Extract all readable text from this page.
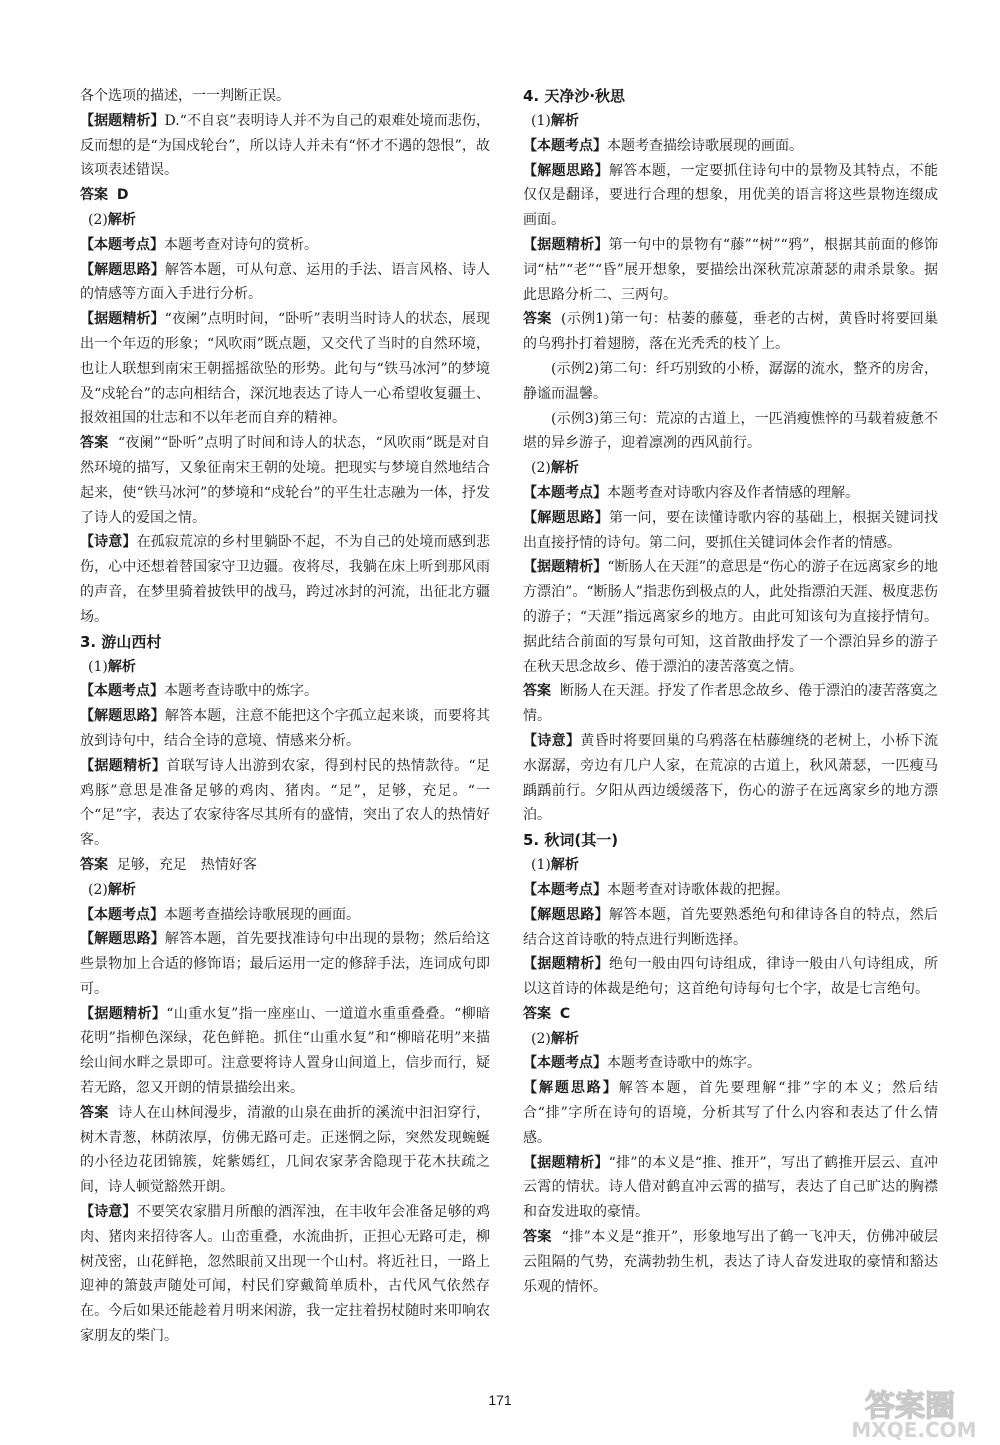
各个选项的描述，一一判断正误。

【据题精析】D.“不自哀”表明诗人并不为自己的艰难处境而悲伤，反而想的是“为国戍轮台”，所以诗人并未有“怀才不遇的怨恨”，故该项表述错误。

答案 D

(2)解析

【本题考点】本题考查对诗句的赏析。

【解题思路】解答本题，可从句意、运用的手法、语言风格、诗人的情感等方面入手进行分析。

【据题精析】“夜阑”点明时间，“卧听”表明当时诗人的状态，展现出一个年迈的形象；“风吹雨”既点题，又交代了当时的自然环境，也让人联想到南宋王朝摇摇欲坠的形势。此句与“铁马冰河”的梦境及“戍轮台”的志向相结合，深沉地表达了诗人一心希望收复疆土、报效祖国的壮志和不以年老而自弃的精神。

答案 “夜阑”“卧听”点明了时间和诗人的状态，“风吹雨”既是对自然环境的描写，又象征南宋王朝的处境。把现实与梦境自然地结合起来，使“铁马冰河”的梦境和“戍轮台”的平生壮志融为一体，抒发了诗人的爱国之情。

【诗意】在孤寂荒凉的乡村里躺卧不起，不为自己的处境而感到悲伤，心中还想着替国家守卫边疆。夜将尽，我躺在床上听到那风雨的声音，在梦里骑着披铁甲的战马，跨过冰封的河流，出征北方疆场。

3. 游山西村

(1)解析

【本题考点】本题考查诗歌中的炼字。

【解题思路】解答本题，注意不能把这个字孤立起来谈，而要将其放到诗句中，结合全诗的意境、情感来分析。

【据题精析】首联写诗人出游到农家，得到村民的热情款待。“足鸡豚”意思是准备足够的鸡肉、猪肉。“足”，足够，充足。“一个“足”字，表达了农家待客尽其所有的盛情，突出了农人的热情好客。

答案 足够，充足　热情好客

(2)解析

【本题考点】本题考查描绘诗歌展现的画面。

【解题思路】解答本题，首先要找准诗句中出现的景物；然后给这些景物加上合适的修饰语；最后运用一定的修辞手法，连词成句即可。

【据题精析】“山重水复”指一座座山、一道道水重重叠叠。“柳暗花明”指柳色深绿，花色鲜艳。抓住“山重水复”和“柳暗花明”来描绘山间水畔之景即可。注意要将诗人置身山间道上，信步而行，疑若无路，忽又开朗的情景描绘出来。

答案 诗人在山林间漫步，清澈的山泉在曲折的溪流中汩汩穿行，树木青葱，林荫浓厚，仿佛无路可走。正迷惘之际，突然发现蜿蜒的小径边花团锦簇，姹紫嫣红，几间农家茅舍隐现于花木扶疏之间，诗人顿觉豁然开朗。

【诗意】不要笑农家腊月所酿的酒浑浊，在丰收年会准备足够的鸡肉、猪肉来招待客人。山峦重叠，水流曲折，正担心无路可走，柳树茂密，山花鲜艳，忽然眼前又出现一个山村。将近社日，一路上迎神的箫鼓声随处可闻，村民们穿戴简单质朴，古代风气依然存在。今后如果还能趁着月明来闲游，我一定拄着拐杖随时来叩响农家朋友的柴门。

4. 天净沙·秋思

(1)解析

【本题考点】本题考查描绘诗歌展现的画面。

【解题思路】解答本题，一定要抓住诗句中的景物及其特点，不能仅仅是翻译，要进行合理的想象，用优美的语言将这些景物连缀成画面。

【据题精析】第一句中的景物有“藤”“树”“鸦”，根据其前面的修饰词“枯”“老”“昏”展开想象，要描绘出深秋荒凉萧瑟的肃杀景象。据此思路分析二、三两句。

答案 (示例1)第一句：枯萎的藤蔓，垂老的古树，黄昏时将要回巢的乌鸦扑打着翅膀，落在光秃秃的枝丫上。

(示例2)第二句：纤巧别致的小桥，潺潺的流水，整齐的房舍，静谧而温馨。

(示例3)第三句：荒凉的古道上，一匹消瘦憔悴的马载着疲惫不堪的异乡游子，迎着凛冽的西风前行。

(2)解析

【本题考点】本题考查对诗歌内容及作者情感的理解。

【解题思路】第一问，要在读懂诗歌内容的基础上，根据关键词找出直接抒情的诗句。第二问，要抓住关键词体会作者的情感。

【据题精析】“断肠人在天涯”的意思是“伤心的游子在远离家乡的地方漂泊”。“断肠人”指悲伤到极点的人，此处指漂泊天涯、极度悲伤的游子；“天涯”指远离家乡的地方。由此可知该句为直接抒情句。据此结合前面的写景句可知，这首散曲抒发了一个漂泊异乡的游子在秋天思念故乡、倦于漂泊的凄苦落寞之情。

答案 断肠人在天涯。抒发了作者思念故乡、倦于漂泊的凄苦落寞之情。

【诗意】黄昏时将要回巢的乌鸦落在枯藤缠绕的老树上，小桥下流水潺潺，旁边有几户人家，在荒凉的古道上，秋风萧瑟，一匹瘦马踽踽前行。夕阳从西边缓缓落下，伤心的游子在远离家乡的地方漂泊。

5. 秋词(其一)

(1)解析

【本题考点】本题考查对诗歌体裁的把握。

【解题思路】解答本题，首先要熟悉绝句和律诗各自的特点，然后结合这首诗歌的特点进行判断选择。

【据题精析】绝句一般由四句诗组成，律诗一般由八句诗组成，所以这首诗的体裁是绝句；这首绝句诗每句七个字，故是七言绝句。

答案 C

(2)解析

【本题考点】本题考查诗歌中的炼字。

【解题思路】解答本题，首先要理解“排”字的本义；然后结合“排”字所在诗句的语境，分析其写了什么内容和表达了什么情感。

【据题精析】“排”的本义是“推、推开”，写出了鹤推开层云、直冲云霄的情状。诗人借对鹤直冲云霄的描写，表达了自己旷达的胸襟和奋发进取的豪情。

答案 “排”本义是“推开”，形象地写出了鹤一飞冲天，仿佛冲破层云阻隔的气势，充满勃勃生机，表达了诗人奋发进取的豪情和豁达乐观的情怀。

171	答案圈
MXQE.COM
